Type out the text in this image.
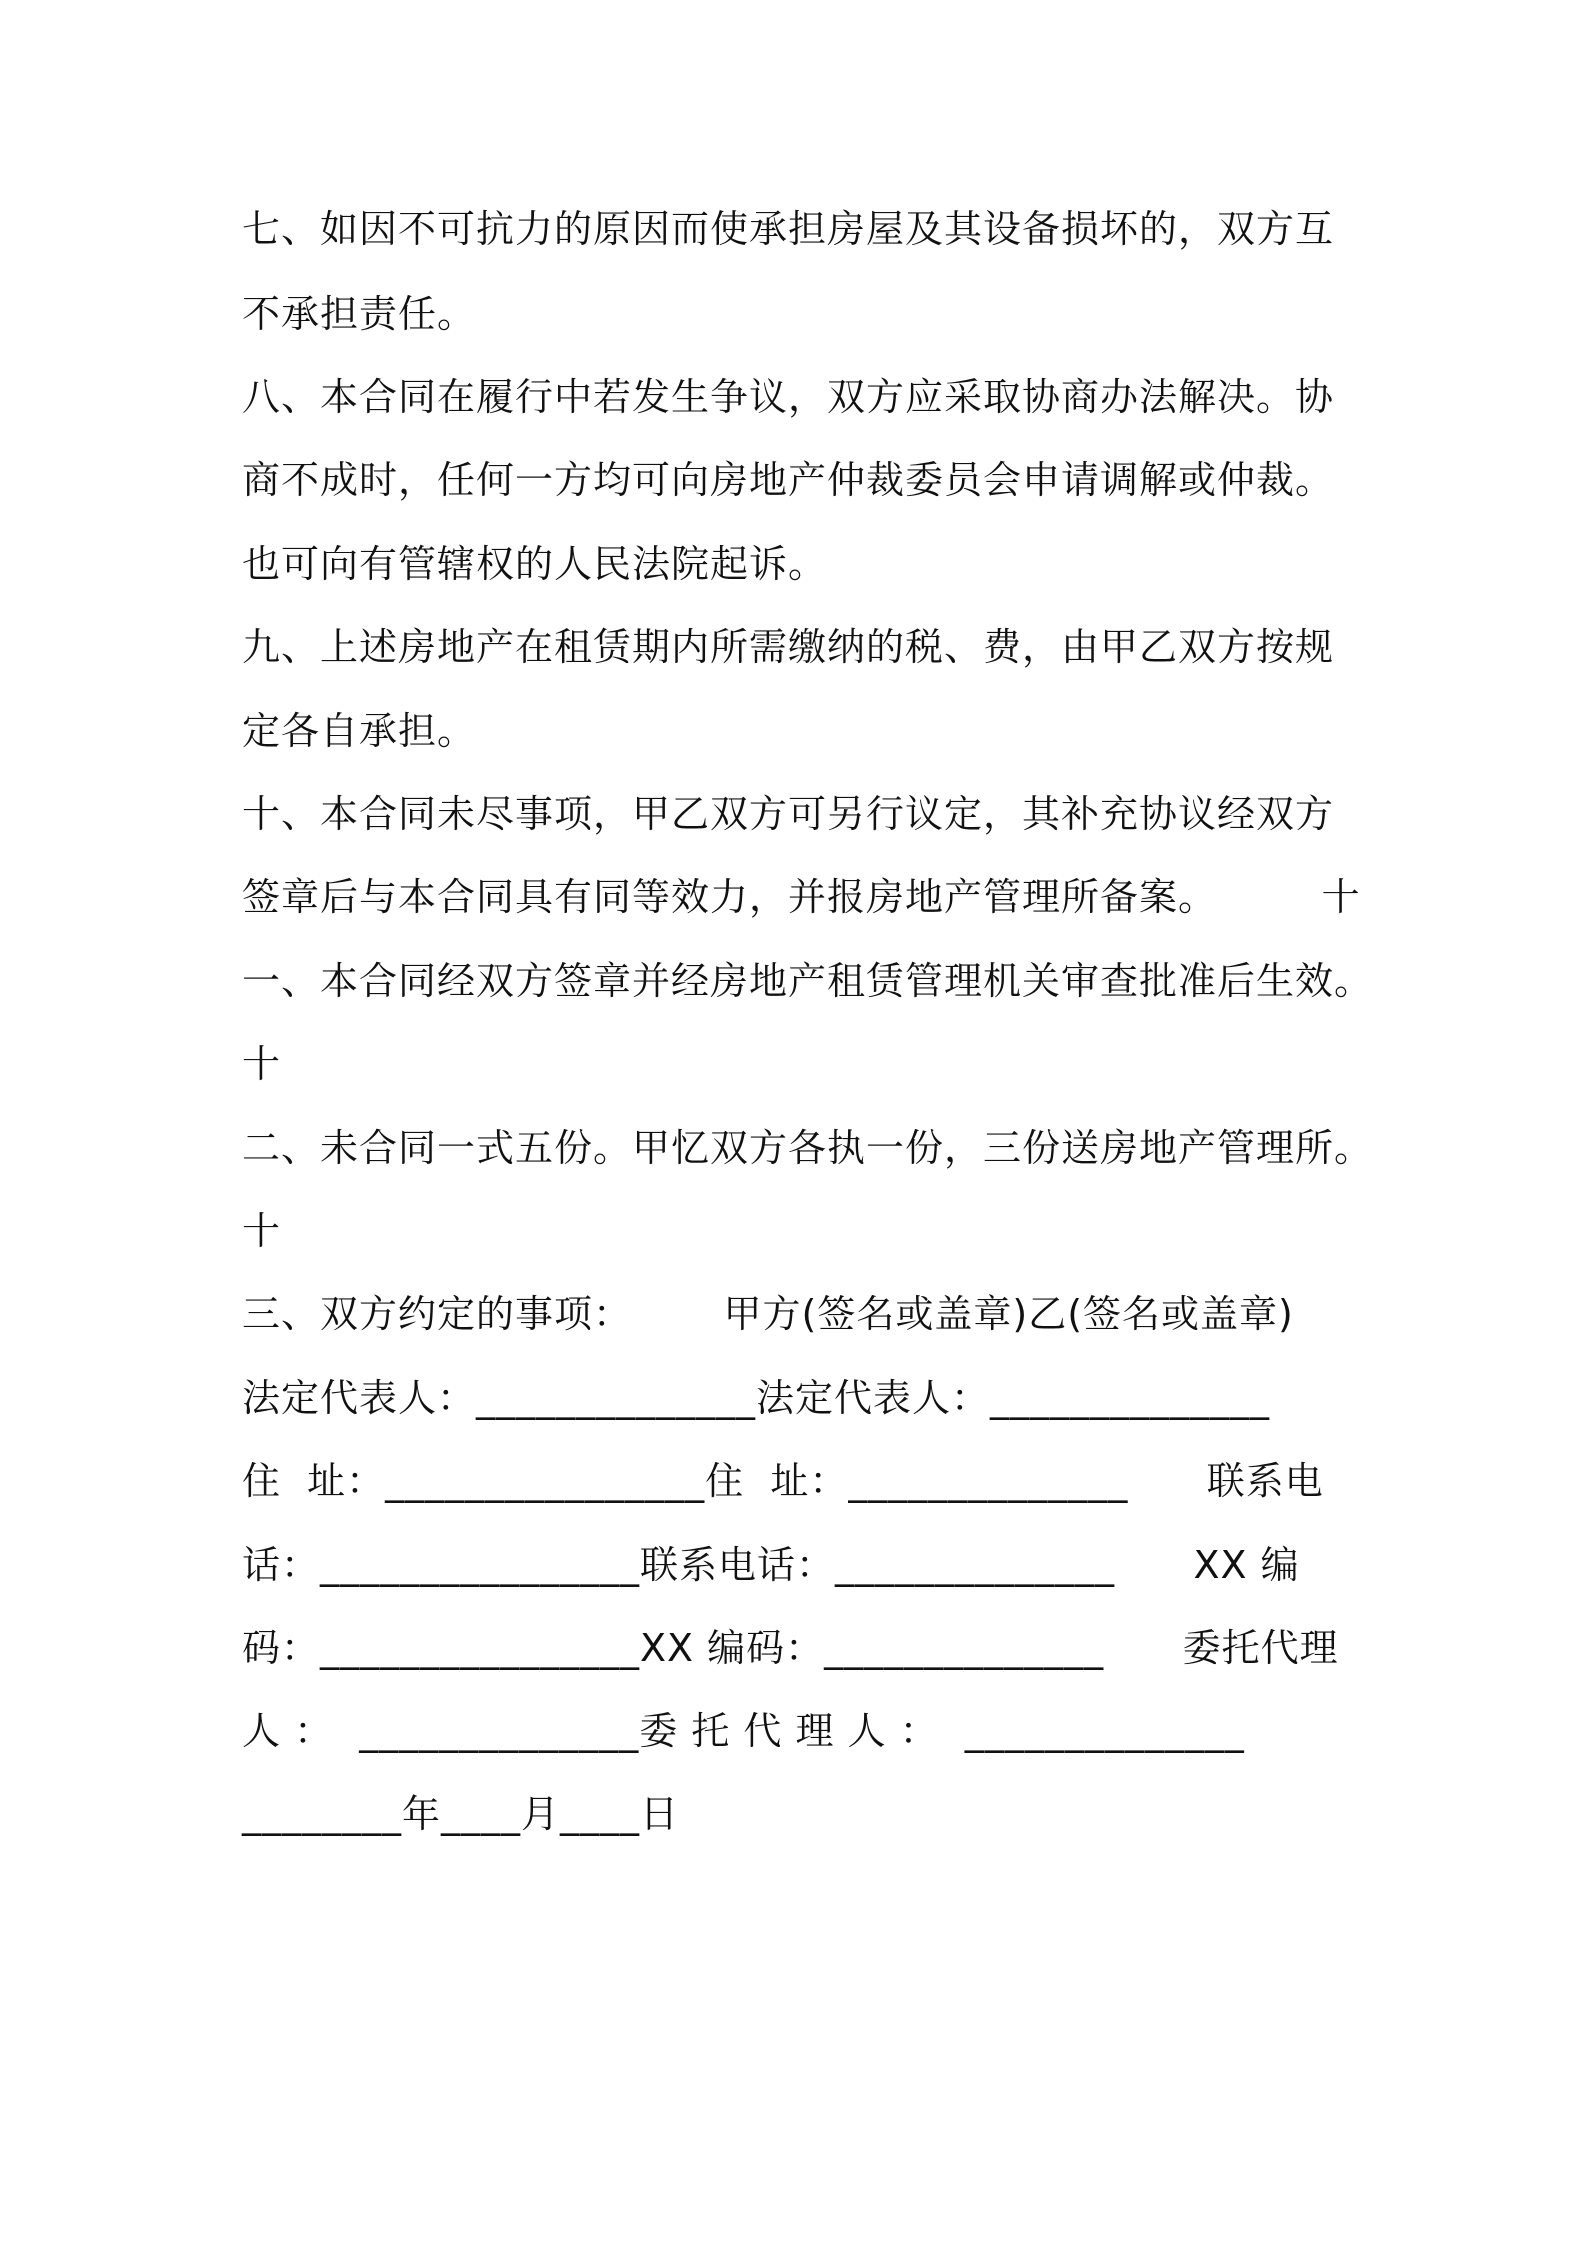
七、如因不可抗力的原因而使承担房屋及其设备损坏的，双方互
不承担责任。
八、本合同在履行中若发生争议，双方应采取协商办法解决。协
商不成时，任何一方均可向房地产仲裁委员会申请调解或仲裁。
也可向有管辖权的人民法院起诉。
九、上述房地产在租赁期内所需缴纳的税、费，由甲乙双方按规
定各自承担。
十、本合同未尽事项，甲乙双方可另行议定，其补充协议经双方
签章后与本合同具有同等效力，并报房地产管理所备案。        十
一、本合同经双方签章并经房地产租赁管理机关审查批准后生效。
十
二、未合同一式五份。甲忆双方各执一份，三份送房地产管理所。
十
三、双方约定的事项：       甲方(签名或盖章)乙(签名或盖章)
法定代表人：______________法定代表人：______________
住  址：________________住  址：______________      联系电
话：________________联系电话：______________      XX 编
码：________________XX 编码：______________      委托代理
人 ：  ______________委 托 代 理 人 ：  ______________
________年____月____日
